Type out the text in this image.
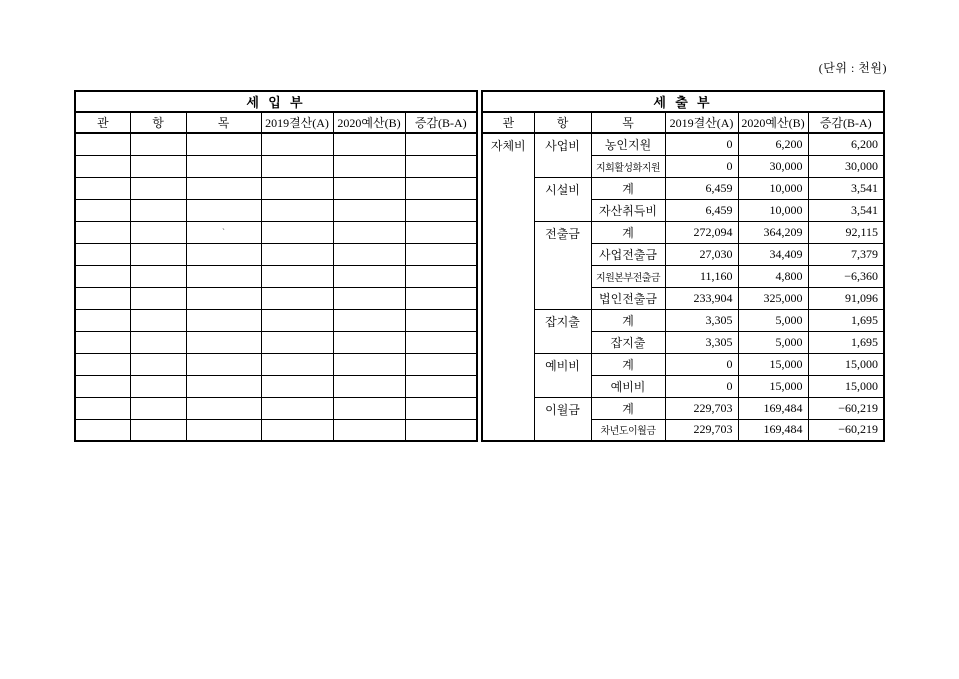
(단위 : 천원)
세 입 부					
관	항	목	2019결산(A)	2020예산(B)	증감(B-A)

		`			

세 출 부					
관	항	목	2019결산(A)	2020예산(B)	증감(B-A)
자체비	사업비	농인지원	0	6,200	6,200
		지회활성화지원	0	30,000	30,000
	시설비	계	6,459	10,000	3,541
		자산취득비	6,459	10,000	3,541
	전출금	계	272,094	364,209	92,115
		사업전출금	27,030	34,409	7,379
		지원본부전출금	11,160	4,800	−6,360
		법인전출금	233,904	325,000	91,096
	잡지출	계	3,305	5,000	1,695
		잡지출	3,305	5,000	1,695
	예비비	계	0	15,000	15,000
		예비비	0	15,000	15,000
	이월금	계	229,703	169,484	−60,219
		차년도이월금	229,703	169,484	−60,219
